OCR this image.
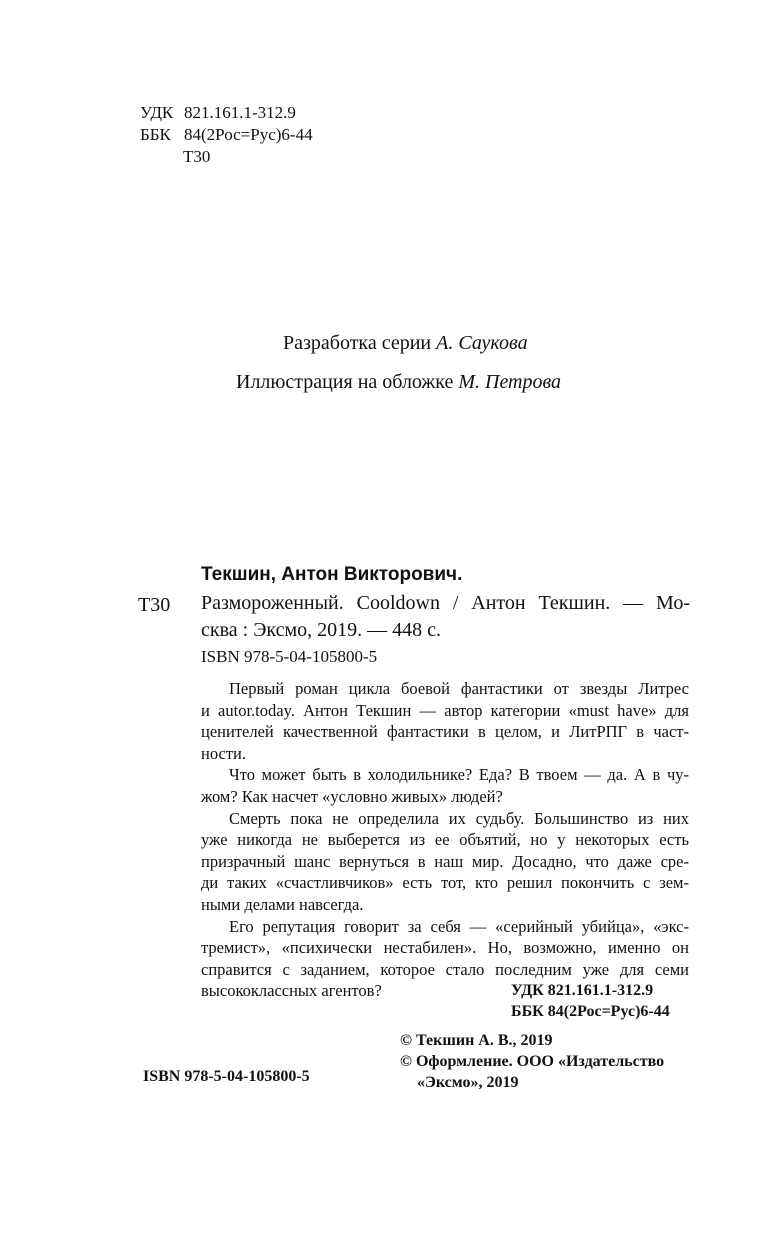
УДК 821.161.1-312.9
ББК 84(2Рос=Рус)6-44
Т30
Разработка серии А. Саукова
Иллюстрация на обложке М. Петрова
Текшин, Антон Викторович.
Т30 Размороженный. Cooldown / Антон Текшин. — Мо-
сква : Эксмо, 2019. — 448 с.
ISBN 978-5-04-105800-5
Первый роман цикла боевой фантастики от звезды Литрес
и autor.today. Антон Текшин — автор категории «must have» для
ценителей качественной фантастики в целом, и ЛитРПГ в част-
ности.
Что может быть в холодильнике? Еда? В твоем — да. А в чу-
жом? Как насчет «условно живых» людей?
Смерть пока не определила их судьбу. Большинство из них
уже никогда не выберется из ее объятий, но у некоторых есть
призрачный шанс вернуться в наш мир. Досадно, что даже сре-
ди таких «счастливчиков» есть тот, кто решил покончить с зем-
ными делами навсегда.
Его репутация говорит за себя — «серийный убийца», «экс-
тремист», «психически нестабилен». Но, возможно, именно он
справится с заданием, которое стало последним уже для семи
высококлассных агентов?	УДК 821.161.1-312.9
ББК 84(2Рос=Рус)6-44
© Текшин А. В., 2019
© Оформление. ООО «Издательство
«Эксмо», 2019
ISBN 978-5-04-105800-5
